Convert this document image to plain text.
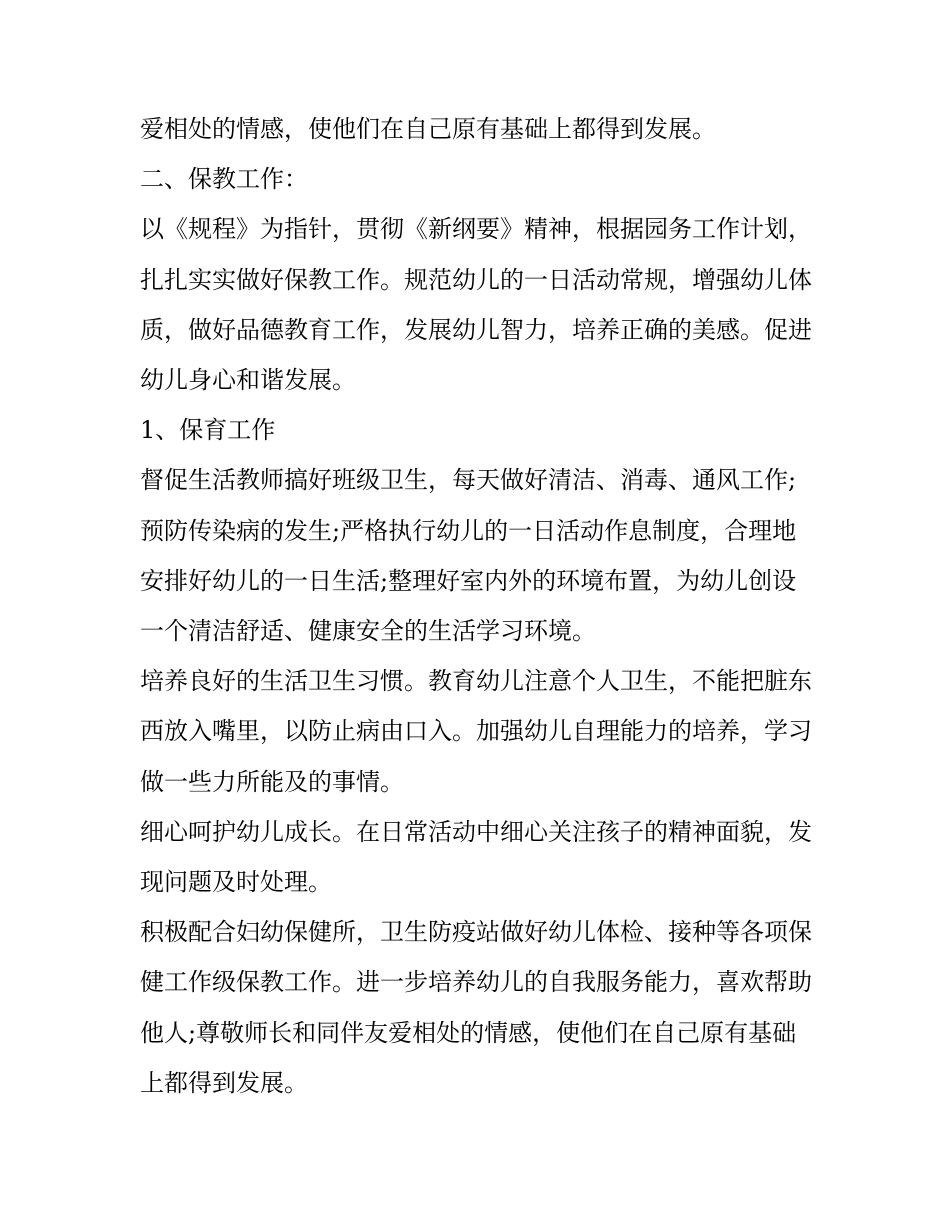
爱相处的情感，使他们在自己原有基础上都得到发展。

二、保教工作：

以《规程》为指针，贯彻《新纲要》精神，根据园务工作计划，扎扎实实做好保教工作。规范幼儿的一日活动常规，增强幼儿体质，做好品德教育工作，发展幼儿智力，培养正确的美感。促进幼儿身心和谐发展。

1、保育工作

督促生活教师搞好班级卫生，每天做好清洁、消毒、通风工作;预防传染病的发生;严格执行幼儿的一日活动作息制度，合理地安排好幼儿的一日生活;整理好室内外的环境布置，为幼儿创设一个清洁舒适、健康安全的生活学习环境。

培养良好的生活卫生习惯。教育幼儿注意个人卫生，不能把脏东西放入嘴里，以防止病由口入。加强幼儿自理能力的培养，学习做一些力所能及的事情。

细心呵护幼儿成长。在日常活动中细心关注孩子的精神面貌，发现问题及时处理。

积极配合妇幼保健所，卫生防疫站做好幼儿体检、接种等各项保健工作级保教工作。进一步培养幼儿的自我服务能力，喜欢帮助他人;尊敬师长和同伴友爱相处的情感，使他们在自己原有基础上都得到发展。
